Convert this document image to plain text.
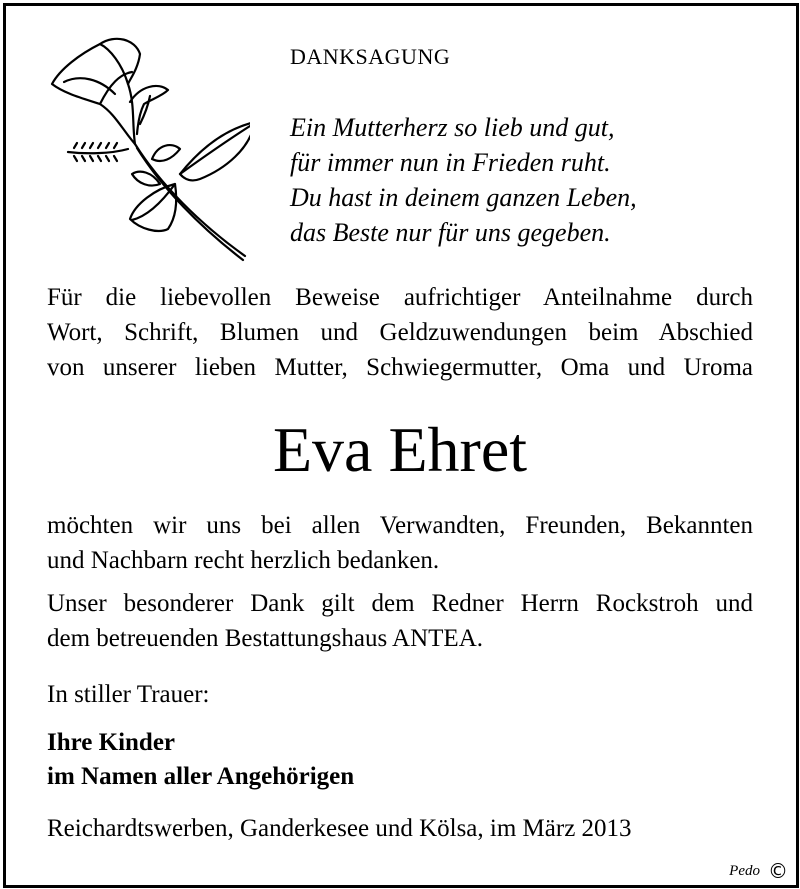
DANKSAGUNG
Ein Mutterherz so lieb und gut,
für immer nun in Frieden ruht.
Du hast in deinem ganzen Leben,
das Beste nur für uns gegeben.
Für die liebevollen Beweise aufrichtiger Anteilnahme durch
Wort, Schrift, Blumen und Geldzuwendungen beim Abschied
von unserer lieben Mutter, Schwiegermutter, Oma und Uroma
Eva Ehret
möchten wir uns bei allen Verwandten, Freunden, Bekannten
und Nachbarn recht herzlich bedanken.
Unser besonderer Dank gilt dem Redner Herrn Rockstroh und
dem betreuenden Bestattungshaus ANTEA.
In stiller Trauer:
Ihre Kinder
im Namen aller Angehörigen
Reichardtswerben, Ganderkesee und Kölsa, im März 2013
Pedo ©
